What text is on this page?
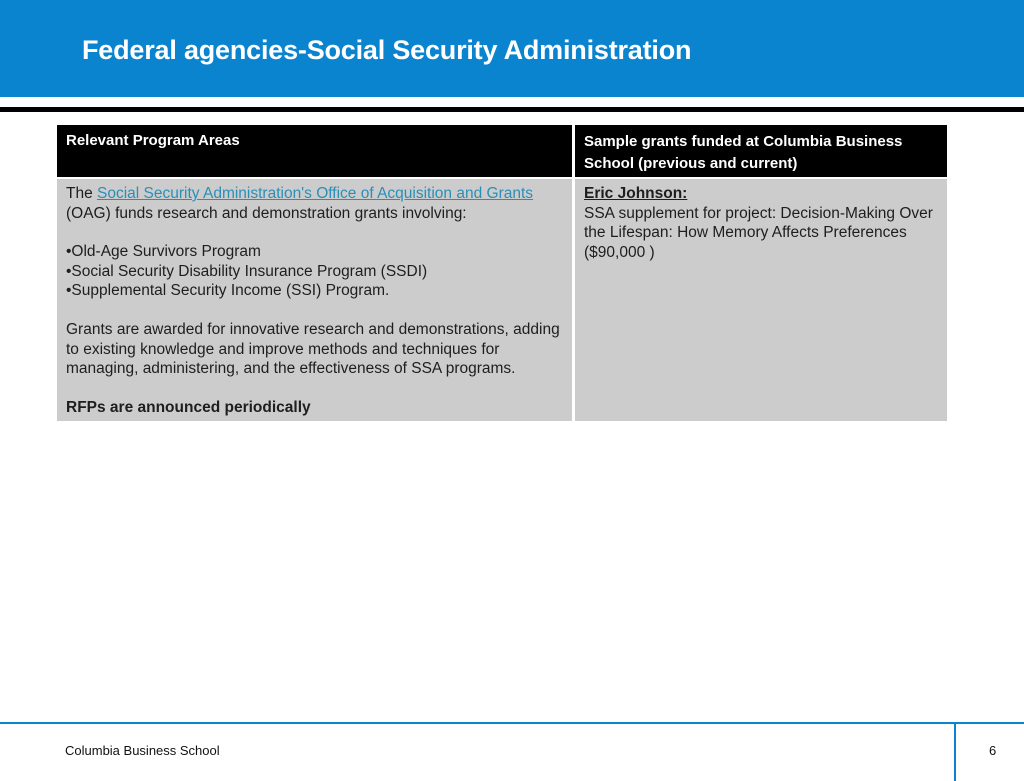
Federal agencies-Social Security Administration
Relevant Program Areas	Sample grants funded at Columbia Business School (previous and current)
The Social Security Administration's Office of Acquisition and Grants
(OAG) funds research and demonstration grants involving:
•Old-Age Survivors Program
•Social Security Disability Insurance Program (SSDI)
•Supplemental Security Income (SSI) Program.
Grants are awarded for innovative research and demonstrations, adding to existing knowledge and improve methods and techniques for managing, administering, and the effectiveness of SSA programs.
RFPs are announced periodically
Eric Johnson:
SSA supplement for project: Decision-Making Over the Lifespan: How Memory Affects Preferences ($90,000 )
Columbia Business School	6
